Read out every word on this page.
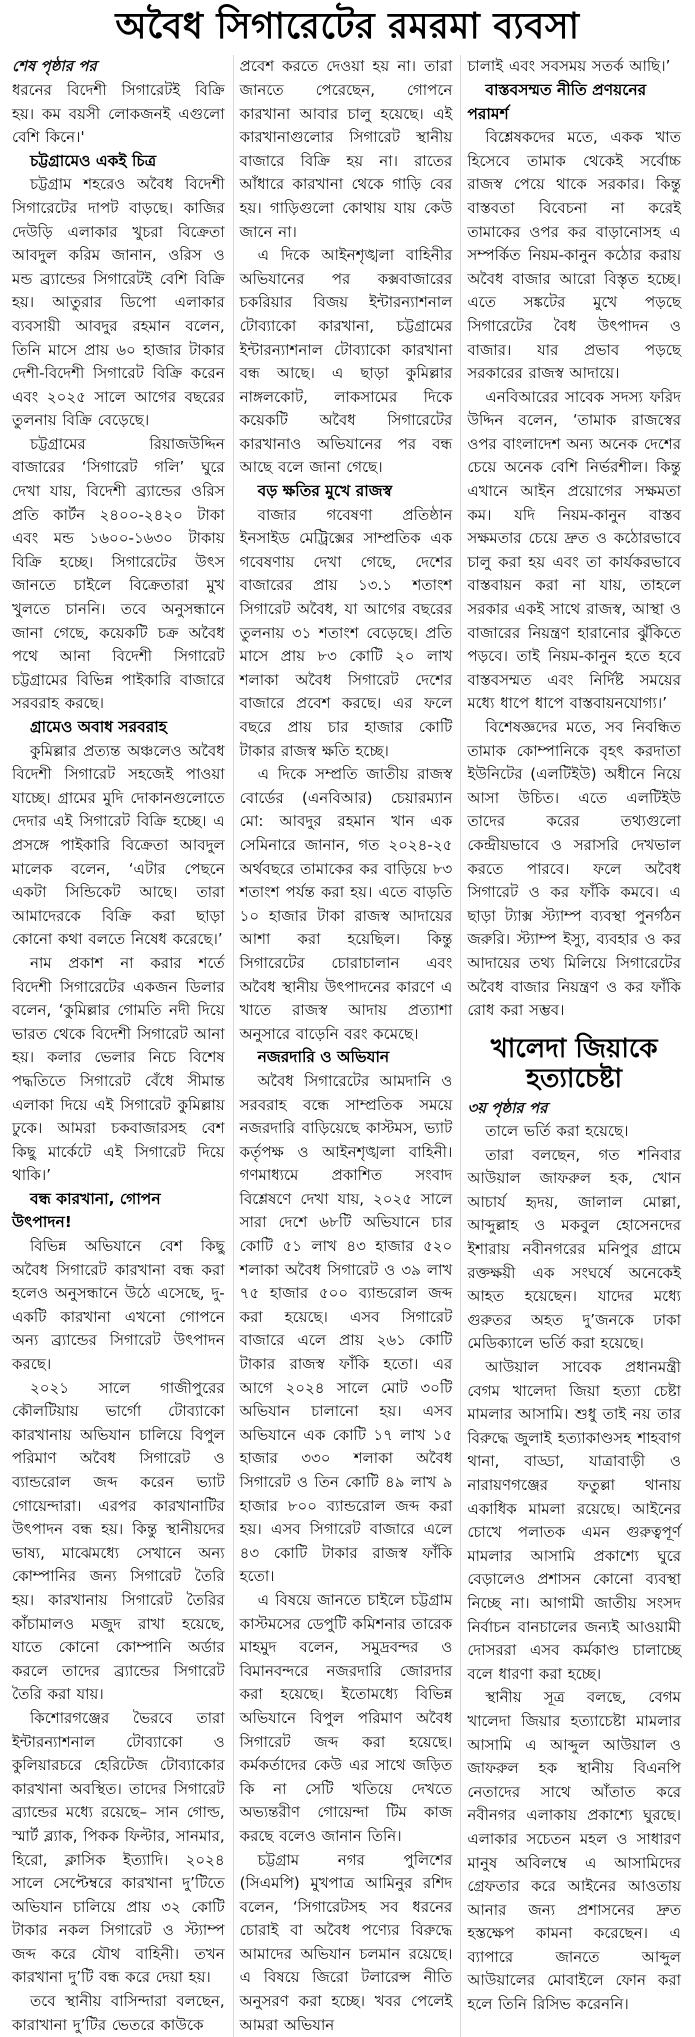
অবৈধ সিগারেটের রমরমা ব্যবসা
শেষ পৃষ্ঠার পর

ধরনের বিদেশী সিগারেটই বিক্রি হয়। কম বয়সী লোকজনই এগুলো বেশি কিনে।'

চট্টগ্রামেও একই চিত্র

চট্টগ্রাম শহরেও অবৈধ বিদেশী সিগারেটের দাপট বাড়ছে। কাজির দেউড়ি এলাকার খুচরা বিক্রেতা আবদুল করিম জানান, ওরিস ও মন্ড ব্র্যান্ডের সিগারেটই বেশি বিক্রি হয়। আতুরার ডিপো এলাকার ব্যবসায়ী আবদুর রহমান বলেন, তিনি মাসে প্রায় ৬০ হাজার টাকার দেশী-বিদেশী সিগারেট বিক্রি করেন এবং ২০২৫ সালে আগের বছরের তুলনায় বিক্রি বেড়েছে।

চট্টগ্রামের রিয়াজউদ্দিন বাজারের ‘সিগারেট গলি’ ঘুরে দেখা যায়, বিদেশী ব্র্যান্ডের ওরিস প্রতি কার্টন ২৪০০-২৪২০ টাকা এবং মন্ড ১৬০০-১৬৩০ টাকায় বিক্রি হচ্ছে। সিগারেটের উৎস জানতে চাইলে বিক্রেতারা মুখ খুলতে চাননি। তবে অনুসন্ধানে জানা গেছে, কয়েকটি চক্র অবৈধ পথে আনা বিদেশী সিগারেট চট্টগ্রামের বিভিন্ন পাইকারি বাজারে সরবরাহ করছে।

গ্রামেও অবাধ সরবরাহ

কুমিল্লার প্রত্যন্ত অঞ্চলেও অবৈধ বিদেশী সিগারেট সহজেই পাওয়া যাচ্ছে। গ্রামের মুদি দোকানগুলোতে দেদার এই সিগারেট বিক্রি হচ্ছে। এ প্রসঙ্গে পাইকারি বিক্রেতা আবদুল মালেক বলেন, ‘এটার পেছনে একটা সিন্ডিকেট আছে। তারা আমাদেরকে বিক্রি করা ছাড়া কোনো কথা বলতে নিষেধ করেছে।’

নাম প্রকাশ না করার শর্তে বিদেশী সিগারেটের একজন ডিলার বলেন, ‘কুমিল্লার গোমতি নদী দিয়ে ভারত থেকে বিদেশী সিগারেট আনা হয়। কলার ভেলার নিচে বিশেষ পদ্ধতিতে সিগারেট বেঁধে সীমান্ত এলাকা দিয়ে এই সিগারেট কুমিল্লায় ঢুকে। আমরা চকবাজারসহ বেশ কিছু মার্কেটে এই সিগারেট দিয়ে থাকি।’

বন্ধ কারখানা, গোপন উৎপাদন!

বিভিন্ন অভিযানে বেশ কিছু অবৈধ সিগারেট কারখানা বন্ধ করা হলেও অনুসন্ধানে উঠে এসেছে, দু-একটি কারখানা এখনো গোপনে অন্য ব্র্যান্ডের সিগারেট উৎপাদন করছে।

২০২১ সালে গাজীপুরের কৌলটিয়ায় ভার্গো টোব্যাকো কারখানায় অভিযান চালিয়ে বিপুল পরিমাণ অবৈধ সিগারেট ও ব্যান্ডরোল জব্দ করেন ভ্যাট গোয়েন্দারা। এরপর কারখানাটির উৎপাদন বন্ধ হয়। কিন্তু স্থানীয়দের ভাষ্য, মাঝেমধ্যে সেখানে অন্য কোম্পানির জন্য সিগারেট তৈরি হয়। কারখানায় সিগারেট তৈরির কাঁচামালও মজুদ রাখা হয়েছে, যাতে কোনো কোম্পানি অর্ডার করলে তাদের ব্র্যান্ডের সিগারেট তৈরি করা যায়।

কিশোরগঞ্জের ভৈরবে তারা ইন্টারন্যাশনাল টোব্যাকো ও কুলিয়ারচরে হেরিটেজ টোব্যাকোর কারখানা অবস্থিত। তাদের সিগারেট ব্র্যান্ডের মধ্যে রয়েছে– সান গোল্ড, স্মার্ট ব্ল্যাক, পিকক ফিল্টার, সানমার, হিরো, ক্লাসিক ইত্যাদি। ২০২৪ সালে সেপ্টেম্বরে কারখানা দু’টিতে অভিযান চালিয়ে প্রায় ৩২ কোটি টাকার নকল সিগারেট ও স্ট্যাম্প জব্দ করে যৌথ বাহিনী। তখন কারখানা দু’টি বন্ধ করে দেয়া হয়।

তবে স্থানীয় বাসিন্দারা বলছেন, কারাখানা দু’টির ভেতরে কাউকে

প্রবেশ করতে দেওয়া হয় না। তারা জানতে পেরেছেন, গোপনে কারখানা আবার চালু হয়েছে। এই কারখানাগুলোর সিগারেট স্থানীয় বাজারে বিক্রি হয় না। রাতের আঁধারে কারখানা থেকে গাড়ি বের হয়। গাড়িগুলো কোথায় যায় কেউ জানে না।

এ দিকে আইনশৃঙ্খলা বাহিনীর অভিযানের পর কক্সবাজারের চকরিয়ার বিজয় ইন্টারন্যাশনাল টোব্যাকো কারখানা, চট্টগ্রামের ইন্টারন্যাশনাল টোব্যাকো কারখানা বন্ধ আছে। এ ছাড়া কুমিল্লার নাঙ্গলকোট, লাকসামের দিকে কয়েকটি অবৈধ সিগারেটের কারখানাও অভিযানের পর বন্ধ আছে বলে জানা গেছে।

বড় ক্ষতির মুখে রাজস্ব

বাজার গবেষণা প্রতিষ্ঠান ইনসাইড মেট্রিক্সের সাম্প্রতিক এক গবেষণায় দেখা গেছে, দেশের বাজারের প্রায় ১৩.১ শতাংশ সিগারেট অবৈধ, যা আগের বছরের তুলনায় ৩১ শতাংশ বেড়েছে। প্রতি মাসে প্রায় ৮৩ কোটি ২০ লাখ শলাকা অবৈধ সিগারেট দেশের বাজারে প্রবেশ করছে। এর ফলে বছরে প্রায় চার হাজার কোটি টাকার রাজস্ব ক্ষতি হচ্ছে।

এ দিকে সম্প্রতি জাতীয় রাজস্ব বোর্ডের (এনবিআর) চেয়ারম্যান মো: আবদুর রহমান খান এক সেমিনারে জানান, গত ২০২৪-২৫ অর্থবছরে তামাকের কর বাড়িয়ে ৮৩ শতাংশ পর্যন্ত করা হয়। এতে বাড়তি ১০ হাজার টাকা রাজস্ব আদায়ের আশা করা হয়েছিল। কিন্তু সিগারেটের চোরাচালান এবং অবৈধ স্থানীয় উৎপাদনের কারণে এ খাতে রাজস্ব আদায় প্রত্যাশা অনুসারে বাড়েনি বরং কমেছে।

নজরদারি ও অভিযান

অবৈধ সিগারেটের আমদানি ও সরবরাহ বন্ধে সাম্প্রতিক সময়ে নজরদারি বাড়িয়েছে কাস্টমস, ভ্যাট কর্তৃপক্ষ ও আইনশৃঙ্খলা বাহিনী। গণমাধ্যমে প্রকাশিত সংবাদ বিশ্লেষণে দেখা যায়, ২০২৫ সালে সারা দেশে ৬৮টি অভিযানে চার কোটি ৫১ লাখ ৪৩ হাজার ৫২০ শলাকা অবৈধ সিগারেট ও ৩৯ লাখ ৭৫ হাজার ৫০০ ব্যান্ডরোল জব্দ করা হয়েছে। এসব সিগারেট বাজারে এলে প্রায় ২৬১ কোটি টাকার রাজস্ব ফাঁকি হতো। এর আগে ২০২৪ সালে মোট ৩০টি অভিযান চালানো হয়। এসব অভিযানে এক কোটি ১৭ লাখ ১৫ হাজার ৩৩০ শলাকা অবৈধ সিগারেট ও তিন কোটি ৪৯ লাখ ৯ হাজার ৮০০ ব্যান্ডরোল জব্দ করা হয়। এসব সিগারেট বাজারে এলে ৪৩ কোটি টাকার রাজস্ব ফাঁকি হতো।

এ বিষয়ে জানতে চাইলে চট্টগ্রাম কাস্টমসের ডেপুটি কমিশনার তারেক মাহমুদ বলেন, সমুদ্রবন্দর ও বিমানবন্দরে নজরদারি জোরদার করা হয়েছে। ইতোমধ্যে বিভিন্ন অভিযানে বিপুল পরিমাণ অবৈধ সিগারেট জব্দ করা হয়েছে। কর্মকর্তাদের কেউ এর সাথে জড়িত কি না সেটি খতিয়ে দেখতে অভ্যন্তরীণ গোয়েন্দা টিম কাজ করছে বলেও জানান তিনি।

চট্টগ্রাম নগর পুলিশের (সিএমপি) মুখপাত্র আমিনুর রশিদ বলেন, ‘সিগারেটসহ সব ধরনের চোরাই বা অবৈধ পণ্যের বিরুদ্ধে আমাদের অভিযান চলমান রয়েছে। এ বিষয়ে জিরো টলারেন্স নীতি অনুসরণ করা হচ্ছে। খবর পেলেই আমরা অভিযান

চালাই এবং সবসময় সতর্ক আছি।’

বাস্তবসম্মত নীতি প্রণয়নের পরামর্শ

বিশ্লেষকদের মতে, একক খাত হিসেবে তামাক থেকেই সর্বোচ্চ রাজস্ব পেয়ে থাকে সরকার। কিন্তু বাস্তবতা বিবেচনা না করেই তামাকের ওপর কর বাড়ানোসহ এ সম্পর্কিত নিয়ম-কানুন কঠোর করায় অবৈধ বাজার আরো বিস্তৃত হচ্ছে। এতে সঙ্কটের মুখে পড়ছে সিগারেটের বৈধ উৎপাদন ও বাজার। যার প্রভাব পড়ছে সরকারের রাজস্ব আদায়ে।

এনবিআরের সাবেক সদস্য ফরিদ উদ্দিন বলেন, ‘তামাক রাজস্বের ওপর বাংলাদেশ অন্য অনেক দেশের চেয়ে অনেক বেশি নির্ভরশীল। কিন্তু এখানে আইন প্রয়োগের সক্ষমতা কম। যদি নিয়ম-কানুন বাস্তব সক্ষমতার চেয়ে দ্রুত ও কঠোরভাবে চালু করা হয় এবং তা কার্যকরভাবে বাস্তবায়ন করা না যায়, তাহলে সরকার একই সাথে রাজস্ব, আস্থা ও বাজারের নিয়ন্ত্রণ হারানোর ঝুঁকিতে পড়বে। তাই নিয়ম-কানুন হতে হবে বাস্তবসম্মত এবং নির্দিষ্ট সময়ের মধ্যে ধাপে ধাপে বাস্তবায়নযোগ্য।’

বিশেষজ্ঞদের মতে, সব নিবন্ধিত তামাক কোম্পানিকে বৃহৎ করদাতা ইউনিটের (এলটিইউ) অধীনে নিয়ে আসা উচিত। এতে এলটিইউ তাদের করের তথ্যগুলো কেন্দ্রীয়ভাবে ও সরাসরি দেখভাল করতে পারবে। ফলে অবৈধ সিগারেট ও কর ফাঁকি কমবে। এ ছাড়া ট্যাক্স স্ট্যাম্প ব্যবস্থা পুনর্গঠন জরুরি। স্ট্যাম্প ইস্যু, ব্যবহার ও কর আদায়ের তথ্য মিলিয়ে সিগারেটের অবৈধ বাজার নিয়ন্ত্রণ ও কর ফাঁকি রোধ করা সম্ভব।

খালেদা জিয়াকে হত্যাচেষ্টা
৩য় পৃষ্ঠার পর

তালে ভর্তি করা হয়েছে।

তারা বলছেন, গত শনিবার আউয়াল জাফরুল হক, খোন আচার্য হৃদয়, জালাল মোল্লা, আব্দুল্লাহ ও মকবুল হোসেনদের ইশারায় নবীনগরের মনিপুর গ্রামে রক্তক্ষয়ী এক সংঘর্ষে অনেকেই আহত হয়েছেন। যাদের মধ্যে গুরুতর অহত দু’জনকে ঢাকা মেডিক্যালে ভর্তি করা হয়েছে।

আউয়াল সাবেক প্রধানমন্ত্রী বেগম খালেদা জিয়া হত্যা চেষ্টা মামলার আসামি। শুধু তাই নয় তার বিরুদ্ধে জুলাই হত্যাকাণ্ডসহ শাহবাগ থানা, বাড্ডা, যাত্রাবাড়ী ও নারায়ণগঞ্জের ফতুল্লা থানায় একাধিক মামলা রয়েছে। আইনের চোখে পলাতক এমন গুরুত্বপূর্ণ মামলার আসামি প্রকাশ্যে ঘুরে বেড়ালেও প্রশাসন কোনো ব্যবস্থা নিচ্ছে না। আগামী জাতীয় সংসদ নির্বাচন বানচালের জন্যই আওয়ামী দোসররা এসব কর্মকাণ্ড চালাচ্ছে বলে ধারণা করা হচ্ছে।

স্থানীয় সূত্র বলছে, বেগম খালেদা জিয়ার হত্যাচেষ্টা মামলার আসামি এ আব্দুল আউয়াল ও জাফরুল হক স্থানীয় বিএনপি নেতাদের সাথে আঁতাত করে নবীনগর এলাকায় প্রকাশ্যে ঘুরছে। এলাকার সচেতন মহল ও সাধারণ মানুষ অবিলম্বে এ আসামিদের গ্রেফতার করে আইনের আওতায় আনার জন্য প্রশাসনের দ্রুত হস্তক্ষেপ কামনা করেছেন। এ ব্যাপারে জানতে আব্দুল আউয়ালের মোবাইলে ফোন করা হলে তিনি রিসিভ করেননি।
